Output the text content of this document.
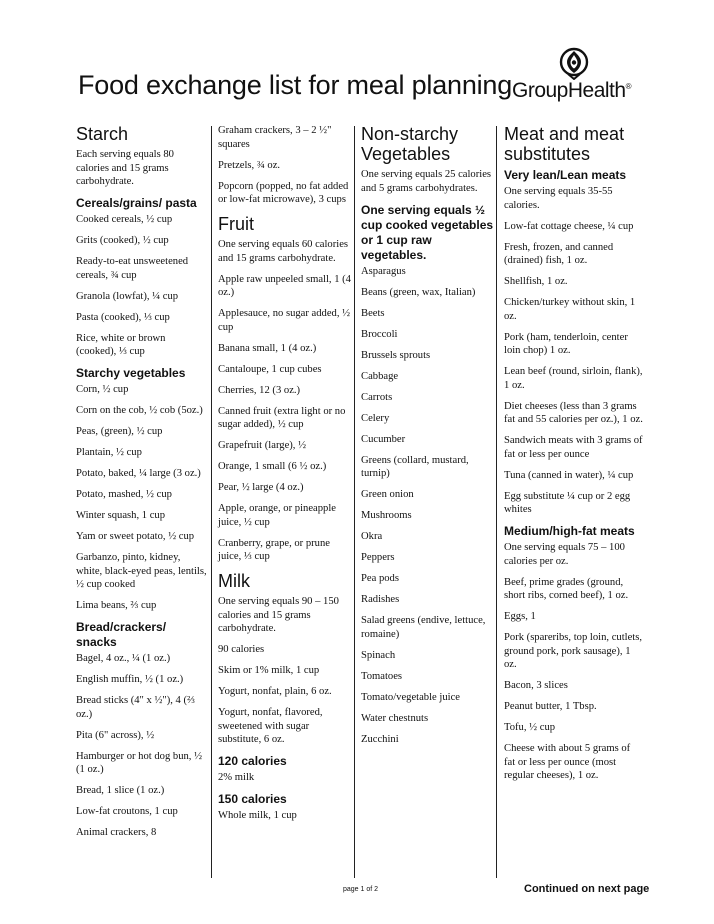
Food exchange list for meal planning GroupHealth®
Starch
Each serving equals 80 calories and 15 grams carbohydrate.
Cereals/grains/ pasta
Cooked cereals, ½ cup
Grits (cooked), ½ cup
Ready-to-eat unsweetened cereals, ¾ cup
Granola (lowfat), ¼ cup
Pasta (cooked), ⅓ cup
Rice, white or brown (cooked), ⅓ cup
Starchy vegetables
Corn, ½ cup
Corn on the cob, ½ cob (5oz.)
Peas, (green), ½ cup
Plantain, ½ cup
Potato, baked, ¼ large (3 oz.)
Potato, mashed, ½ cup
Winter squash, 1 cup
Yam or sweet potato, ½ cup
Garbanzo, pinto, kidney, white, black-eyed peas, lentils, ½ cup cooked
Lima beans, ⅔ cup
Bread/crackers/ snacks
Bagel, 4 oz., ¼ (1 oz.)
English muffin, ½ (1 oz.)
Bread sticks (4" x ½"), 4 (⅔ oz.)
Pita (6" across), ½
Hamburger or hot dog bun, ½ (1 oz.)
Bread, 1 slice (1 oz.)
Low-fat croutons, 1 cup
Animal crackers, 8
Graham crackers, 3 – 2 ½" squares
Pretzels, ¾ oz.
Popcorn (popped, no fat added or low-fat microwave), 3 cups
Fruit
One serving equals 60 calories and 15 grams carbohydrate.
Apple raw unpeeled small, 1 (4 oz.)
Applesauce, no sugar added, ½ cup
Banana small, 1 (4 oz.)
Cantaloupe, 1 cup cubes
Cherries, 12 (3 oz.)
Canned fruit (extra light or no sugar added), ½ cup
Grapefruit (large), ½
Orange, 1 small (6 ½ oz.)
Pear, ½ large (4 oz.)
Apple, orange, or pineapple juice, ½ cup
Cranberry, grape, or prune juice, ⅓ cup
Milk
One serving equals 90 – 150 calories and 15 grams carbohydrate.
90 calories
Skim or 1% milk, 1 cup
Yogurt, nonfat, plain, 6 oz.
Yogurt, nonfat, flavored, sweetened with sugar substitute, 6 oz.
120 calories
2% milk
150 calories
Whole milk, 1 cup
Non-starchy Vegetables
One serving equals 25 calories and 5 grams carbohydrates.
One serving equals ½ cup cooked vegetables or 1 cup raw vegetables.
Asparagus
Beans (green, wax, Italian)
Beets
Broccoli
Brussels sprouts
Cabbage
Carrots
Celery
Cucumber
Greens (collard, mustard, turnip)
Green onion
Mushrooms
Okra
Peppers
Pea pods
Radishes
Salad greens (endive, lettuce, romaine)
Spinach
Tomatoes
Tomato/vegetable juice
Water chestnuts
Zucchini
Meat and meat substitutes
Very lean/Lean meats
One serving equals 35-55 calories.
Low-fat cottage cheese, ¼ cup
Fresh, frozen, and canned (drained) fish, 1 oz.
Shellfish, 1 oz.
Chicken/turkey without skin, 1 oz.
Pork (ham, tenderloin, center loin chop) 1 oz.
Lean beef (round, sirloin, flank), 1 oz.
Diet cheeses (less than 3 grams fat and 55 calories per oz.), 1 oz.
Sandwich meats with 3 grams of fat or less per ounce
Tuna (canned in water), ¼ cup
Egg substitute ¼ cup or 2 egg whites
Medium/high-fat meats
One serving equals 75 – 100 calories per oz.
Beef, prime grades (ground, short ribs, corned beef), 1 oz.
Eggs, 1
Pork (spareribs, top loin, cutlets, ground pork, pork sausage), 1 oz.
Bacon, 3 slices
Peanut butter, 1 Tbsp.
Tofu, ½ cup
Cheese with about 5 grams of fat or less per ounce (most regular cheeses), 1 oz.
page 1 of 2	Continued on next page
